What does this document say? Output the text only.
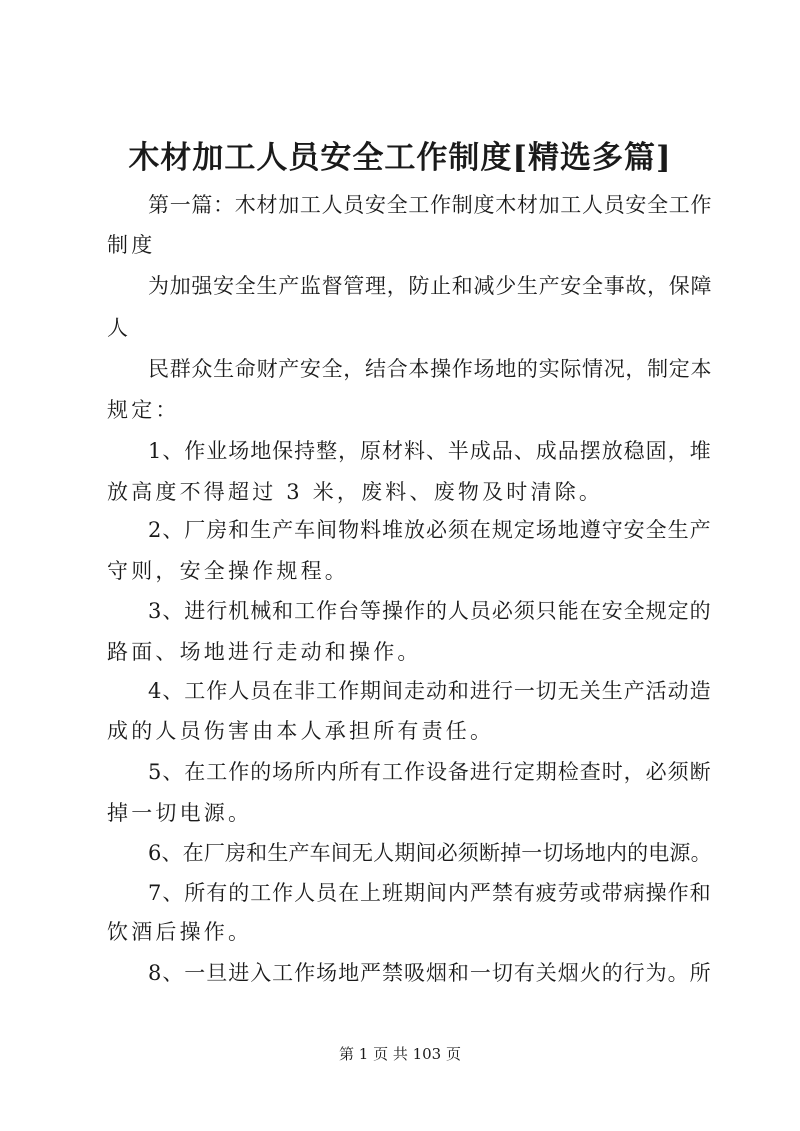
木材加工人员安全工作制度[精选多篇]
第一篇：木材加工人员安全工作制度木材加工人员安全工作
制度
为加强安全生产监督管理，防止和减少生产安全事故，保障
人
民群众生命财产安全，结合本操作场地的实际情况，制定本
规定：
1、作业场地保持整，原材料、半成品、成品摆放稳固，堆
放高度不得超过 3 米，废料、废物及时清除。
2、厂房和生产车间物料堆放必须在规定场地遵守安全生产
守则，安全操作规程。
3、进行机械和工作台等操作的人员必须只能在安全规定的
路面、场地进行走动和操作。
4、工作人员在非工作期间走动和进行一切无关生产活动造
成的人员伤害由本人承担所有责任。
5、在工作的场所内所有工作设备进行定期检查时，必须断
掉一切电源。
6、在厂房和生产车间无人期间必须断掉一切场地内的电源。
7、所有的工作人员在上班期间内严禁有疲劳或带病操作和
饮酒后操作。
8、一旦进入工作场地严禁吸烟和一切有关烟火的行为。所
第 1 页 共 103 页
